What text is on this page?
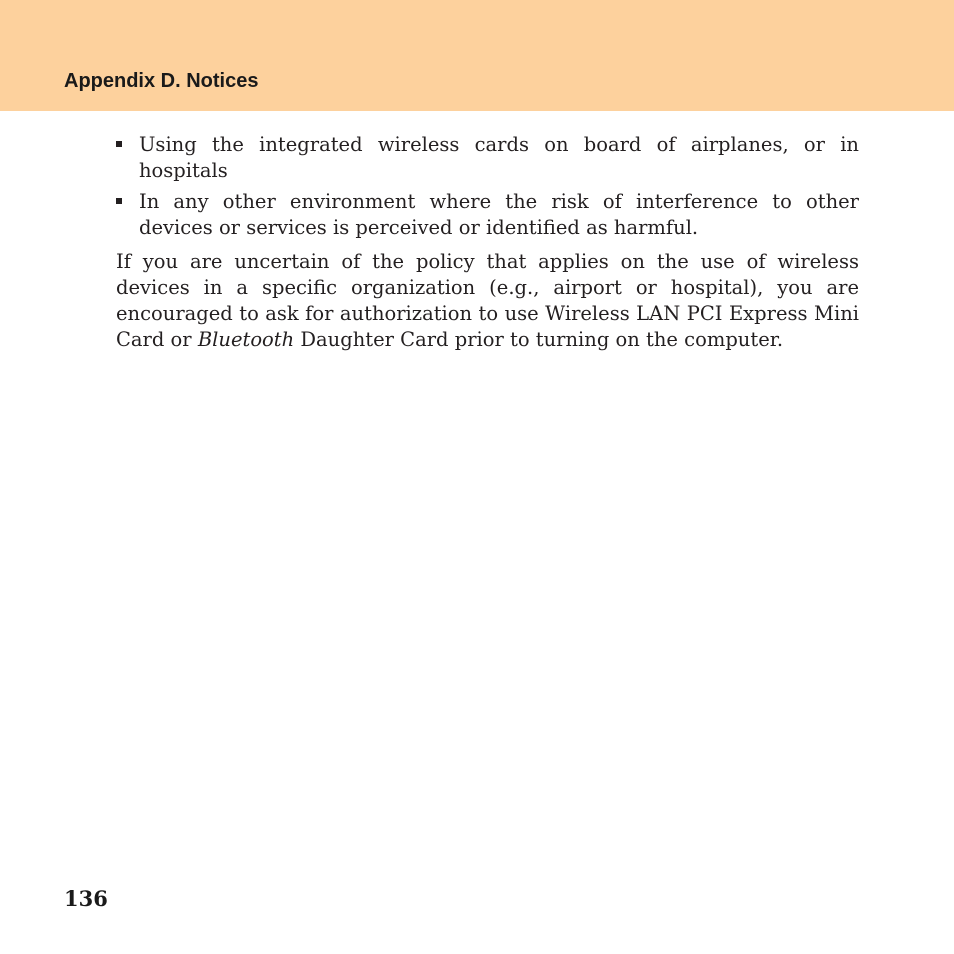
Appendix D. Notices
Using the integrated wireless cards on board of airplanes, or in hospitals
In any other environment where the risk of interference to other devices or services is perceived or identified as harmful.

If you are uncertain of the policy that applies on the use of wireless devices in a specific organization (e.g., airport or hospital), you are encouraged to ask for authorization to use Wireless LAN PCI Express Mini Card or Bluetooth Daughter Card prior to turning on the computer.

136
